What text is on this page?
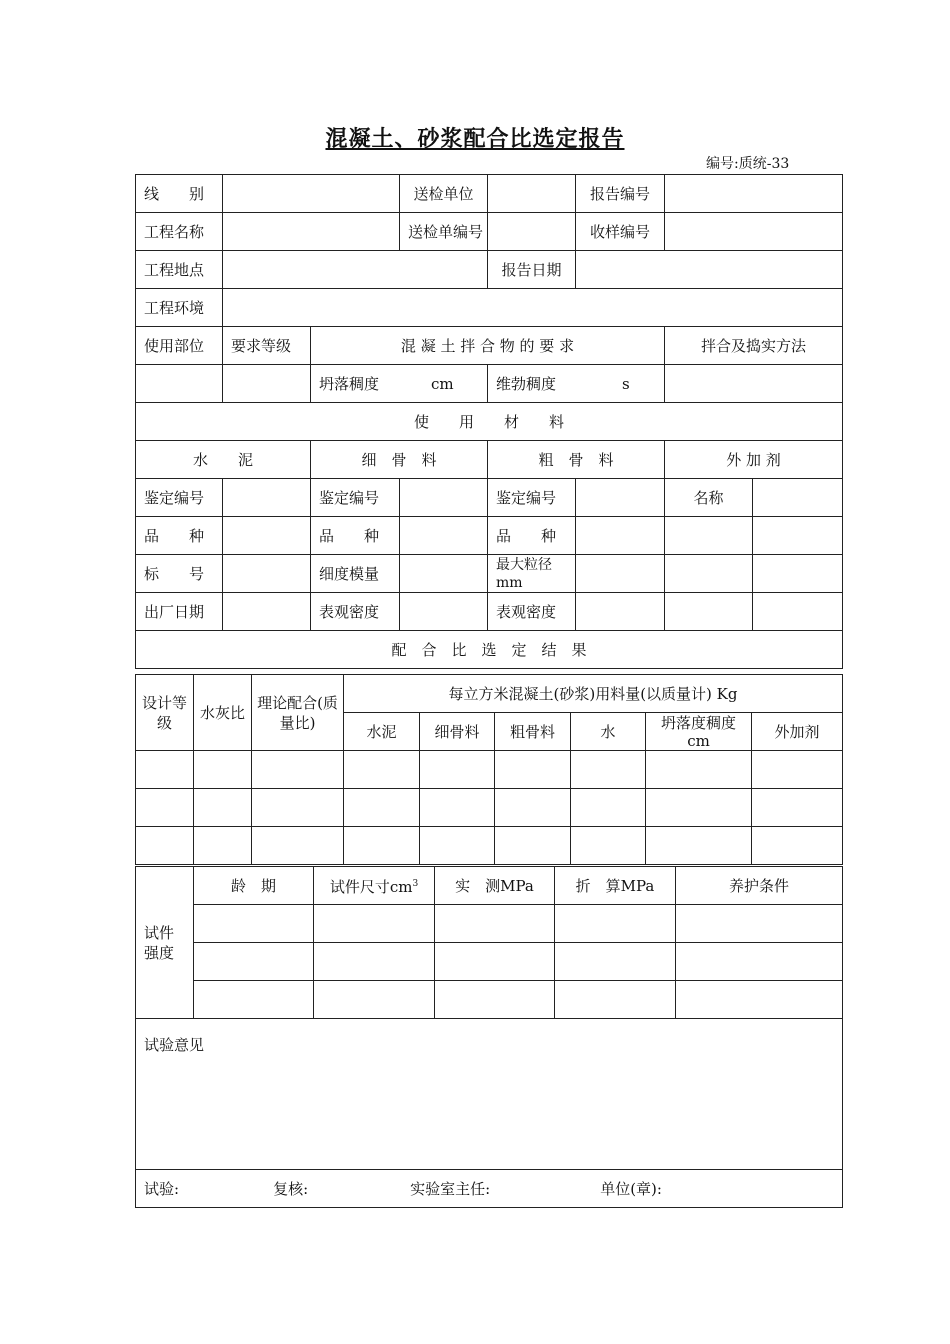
混凝土、砂浆配合比选定报告
编号:质统-33
线　　别			送检单位		报告编号		
工程名称			送检单编号		收样编号		
工程地点				报告日期			
工程环境							
使用部位	要求等级	混 凝 土 拌 合 物 的 要 求				拌合及捣实方法	
		坍落稠度 cm		维勃稠度 s			
使　　用　　材　　料							
水　　泥		细　骨　料		粗　骨　料		外 加 剂	
鉴定编号		鉴定编号		鉴定编号		名称	
品　　种		品　　种		品　　种			
标　　号		细度模量		最大粒径mm			
出厂日期		表观密度		表观密度			
配　合　比　选　定　结　果							
设计等级	水灰比	理论配合(质量比)	每立方米混凝土(砂浆)用料量(以质量计) Kg					
			水泥	细骨料	粗骨料	水	坍落度稠度cm	外加剂

试件强度	龄　期	试件尺寸$cm^3$	实　测MPa	折　算MPa	养护条件

试验意见					
试验: 复核: 实验室主任: 单位(章):					
